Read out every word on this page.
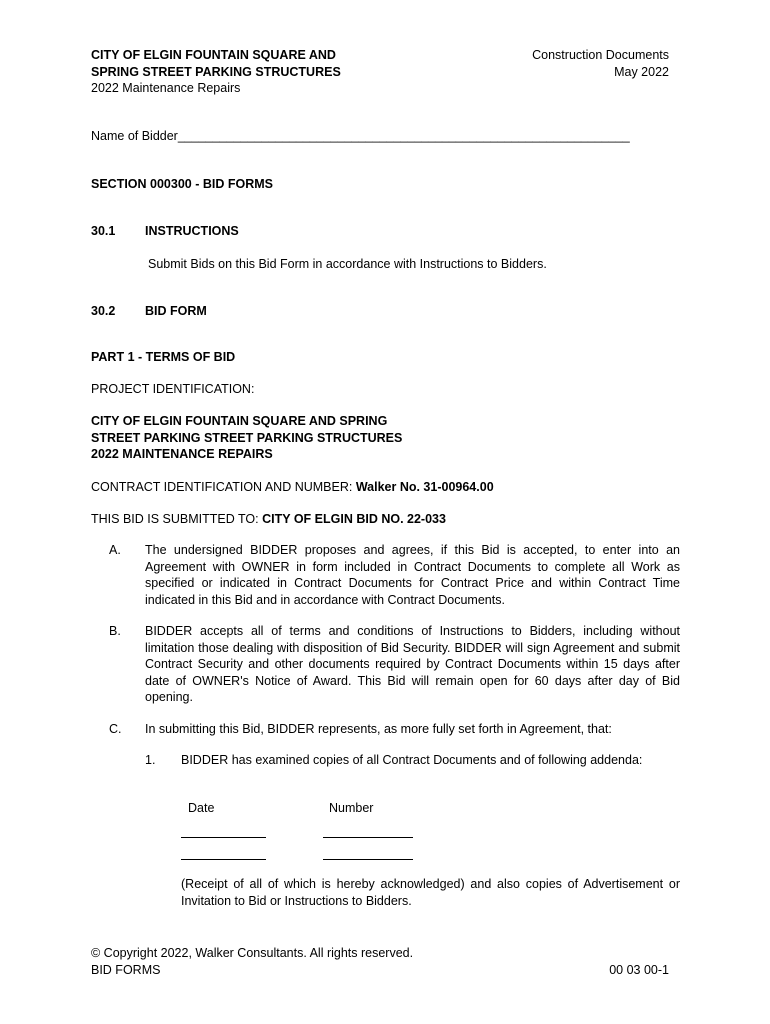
CITY OF ELGIN FOUNTAIN SQUARE AND
SPRING STREET PARKING STRUCTURES
2022 Maintenance Repairs
Construction Documents
May 2022
Name of Bidder_________________________________________________________________
SECTION 000300 - BID FORMS
30.1	INSTRUCTIONS
Submit Bids on this Bid Form in accordance with Instructions to Bidders.
30.2	BID FORM
PART 1 - TERMS OF BID
PROJECT IDENTIFICATION:
CITY OF ELGIN FOUNTAIN SQUARE AND SPRING
STREET PARKING STREET PARKING STRUCTURES
2022 MAINTENANCE REPAIRS
CONTRACT IDENTIFICATION AND NUMBER: Walker No. 31-00964.00
THIS BID IS SUBMITTED TO: CITY OF ELGIN BID NO. 22-033
A. The undersigned BIDDER proposes and agrees, if this Bid is accepted, to enter into an Agreement with OWNER in form included in Contract Documents to complete all Work as specified or indicated in Contract Documents for Contract Price and within Contract Time indicated in this Bid and in accordance with Contract Documents.
B. BIDDER accepts all of terms and conditions of Instructions to Bidders, including without limitation those dealing with disposition of Bid Security. BIDDER will sign Agreement and submit Contract Security and other documents required by Contract Documents within 15 days after date of OWNER's Notice of Award. This Bid will remain open for 60 days after day of Bid opening.
C. In submitting this Bid, BIDDER represents, as more fully set forth in Agreement, that:
1. BIDDER has examined copies of all Contract Documents and of following addenda:
Date	Number
(Receipt of all of which is hereby acknowledged) and also copies of Advertisement or Invitation to Bid or Instructions to Bidders.
© Copyright 2022, Walker Consultants. All rights reserved.
BID FORMS	00 03 00-1
